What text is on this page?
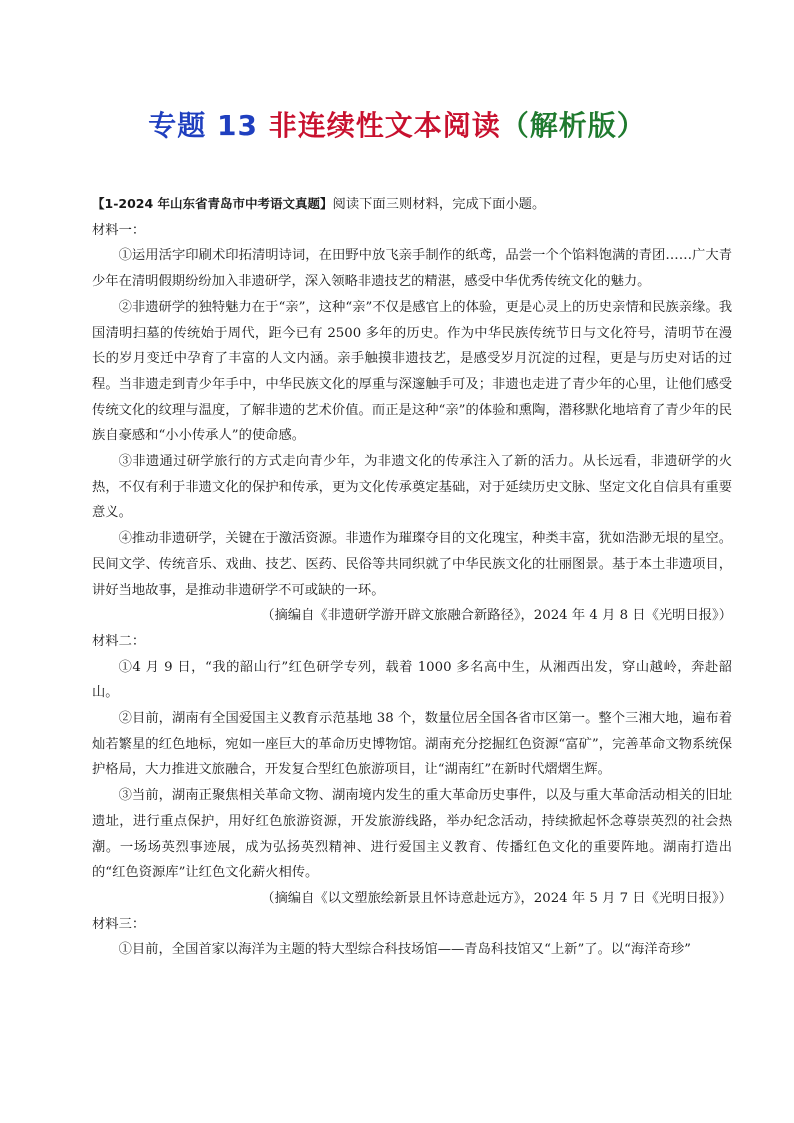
专题 13 非连续性文本阅读（解析版）

【1-2024 年山东省青岛市中考语文真题】阅读下面三则材料，完成下面小题。

材料一：

①运用活字印刷术印拓清明诗词，在田野中放飞亲手制作的纸鸢，品尝一个个馅料饱满的青团……广大青少年在清明假期纷纷加入非遗研学，深入领略非遗技艺的精湛，感受中华优秀传统文化的魅力。

②非遗研学的独特魅力在于“亲”，这种“亲”不仅是感官上的体验，更是心灵上的历史亲情和民族亲缘。我国清明扫墓的传统始于周代，距今已有 2500 多年的历史。作为中华民族传统节日与文化符号，清明节在漫长的岁月变迁中孕育了丰富的人文内涵。亲手触摸非遗技艺，是感受岁月沉淀的过程，更是与历史对话的过程。当非遗走到青少年手中，中华民族文化的厚重与深邃触手可及；非遗也走进了青少年的心里，让他们感受传统文化的纹理与温度，了解非遗的艺术价值。而正是这种“亲”的体验和熏陶，潜移默化地培育了青少年的民族自豪感和“小小传承人”的使命感。

③非遗通过研学旅行的方式走向青少年，为非遗文化的传承注入了新的活力。从长远看，非遗研学的火热，不仅有利于非遗文化的保护和传承，更为文化传承奠定基础，对于延续历史文脉、坚定文化自信具有重要意义。

④推动非遗研学，关键在于激活资源。非遗作为璀璨夺目的文化瑰宝，种类丰富，犹如浩渺无垠的星空。民间文学、传统音乐、戏曲、技艺、医药、民俗等共同织就了中华民族文化的壮丽图景。基于本土非遗项目，讲好当地故事，是推动非遗研学不可或缺的一环。

（摘编自《非遗研学游开辟文旅融合新路径》，2024 年 4 月 8 日《光明日报》）

材料二：

①4 月 9 日，“我的韶山行”红色研学专列，载着 1000 多名高中生，从湘西出发，穿山越岭，奔赴韶山。

②目前，湖南有全国爱国主义教育示范基地 38 个，数量位居全国各省市区第一。整个三湘大地，遍布着灿若繁星的红色地标，宛如一座巨大的革命历史博物馆。湖南充分挖掘红色资源“富矿”，完善革命文物系统保护格局，大力推进文旅融合，开发复合型红色旅游项目，让“湖南红”在新时代熠熠生辉。

③当前，湖南正聚焦相关革命文物、湖南境内发生的重大革命历史事件，以及与重大革命活动相关的旧址遗址，进行重点保护，用好红色旅游资源，开发旅游线路，举办纪念活动，持续掀起怀念尊崇英烈的社会热潮。一场场英烈事迹展，成为弘扬英烈精神、进行爱国主义教育、传播红色文化的重要阵地。湖南打造出的“红色资源库”让红色文化薪火相传。

（摘编自《以文塑旅绘新景且怀诗意赴远方》，2024 年 5 月 7 日《光明日报》）

材料三：

①目前，全国首家以海洋为主题的特大型综合科技场馆——青岛科技馆又“上新”了。以“海洋奇珍”
